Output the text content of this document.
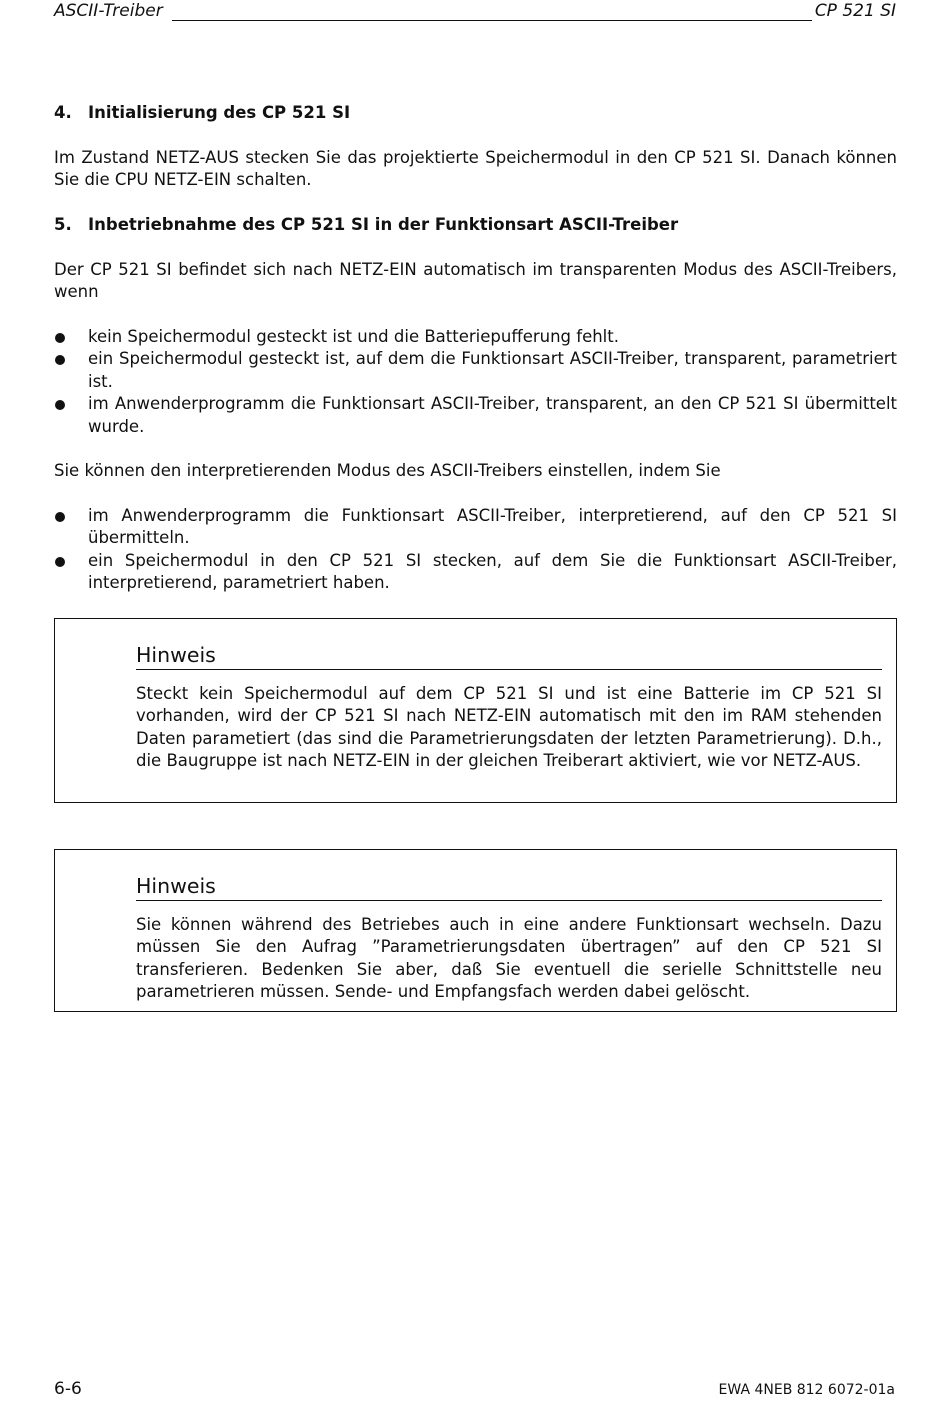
ASCII-Treiber	CP 521 SI
4. Initialisierung des CP 521 SI

Im Zustand NETZ-AUS stecken Sie das projektierte Speichermodul in den CP 521 SI. Danach können Sie die CPU NETZ-EIN schalten.

5. Inbetriebnahme des CP 521 SI in der Funktionsart ASCII-Treiber

Der CP 521 SI befindet sich nach NETZ-EIN automatisch im transparenten Modus des ASCII-Treibers, wenn

kein Speichermodul gesteckt ist und die Batteriepufferung fehlt.
ein Speichermodul gesteckt ist, auf dem die Funktionsart ASCII-Treiber, transparent, parametriert ist.
im Anwenderprogramm die Funktionsart ASCII-Treiber, transparent, an den CP 521 SI übermittelt wurde.

Sie können den interpretierenden Modus des ASCII-Treibers einstellen, indem Sie

im Anwenderprogramm die Funktionsart ASCII-Treiber, interpretierend, auf den CP 521 SI übermitteln.
ein Speichermodul in den CP 521 SI stecken, auf dem Sie die Funktionsart ASCII-Treiber, interpretierend, parametriert haben.
Hinweis

Steckt kein Speichermodul auf dem CP 521 SI und ist eine Batterie im CP 521 SI vorhanden, wird der CP 521 SI nach NETZ-EIN automatisch mit den im RAM stehenden Daten parametiert (das sind die Parametrierungsdaten der letzten Parametrierung). D.h., die Baugruppe ist nach NETZ-EIN in der gleichen Treiberart aktiviert, wie vor NETZ-AUS.

Hinweis

Sie können während des Betriebes auch in eine andere Funktionsart wechseln. Dazu müssen Sie den Aufrag ”Parametrierungsdaten übertragen” auf den CP 521 SI transferieren. Bedenken Sie aber, daß Sie eventuell die serielle Schnittstelle neu parametrieren müssen. Sende- und Empfangsfach werden dabei gelöscht.

6-6	EWA 4NEB 812 6072-01a
